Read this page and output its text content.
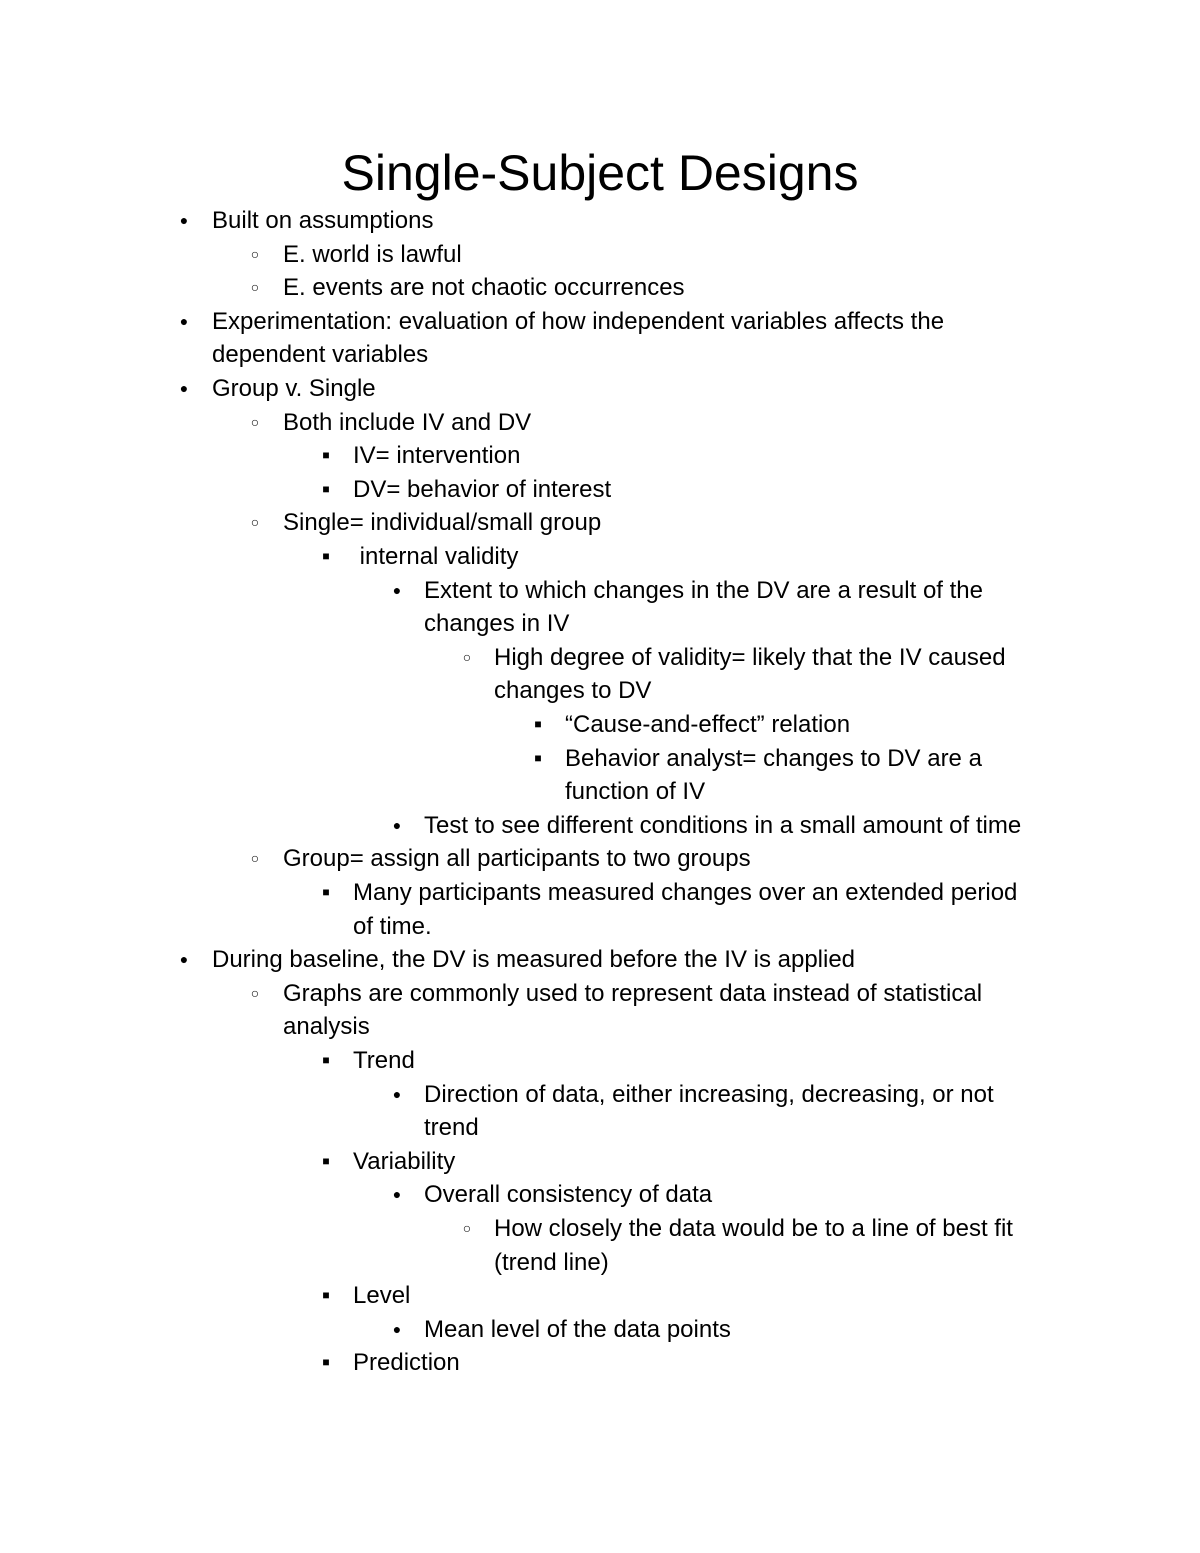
Single-Subject Designs
● Built on assumptions
○ E. world is lawful
○ E. events are not chaotic occurrences
● Experimentation: evaluation of how independent variables affects the
dependent variables
● Group v. Single
○ Both include IV and DV
■ IV= intervention
■ DV= behavior of interest
○ Single= individual/small group
■ internal validity
● Extent to which changes in the DV are a result of the
changes in IV
○ High degree of validity= likely that the IV caused
changes to DV
■ “Cause-and-effect” relation
■ Behavior analyst= changes to DV are a
function of IV
● Test to see different conditions in a small amount of time
○ Group= assign all participants to two groups
■ Many participants measured changes over an extended period
of time.
● During baseline, the DV is measured before the IV is applied
○ Graphs are commonly used to represent data instead of statistical
analysis
■ Trend
● Direction of data, either increasing, decreasing, or not
trend
■ Variability
● Overall consistency of data
○ How closely the data would be to a line of best fit
(trend line)
■ Level
● Mean level of the data points
■ Prediction
